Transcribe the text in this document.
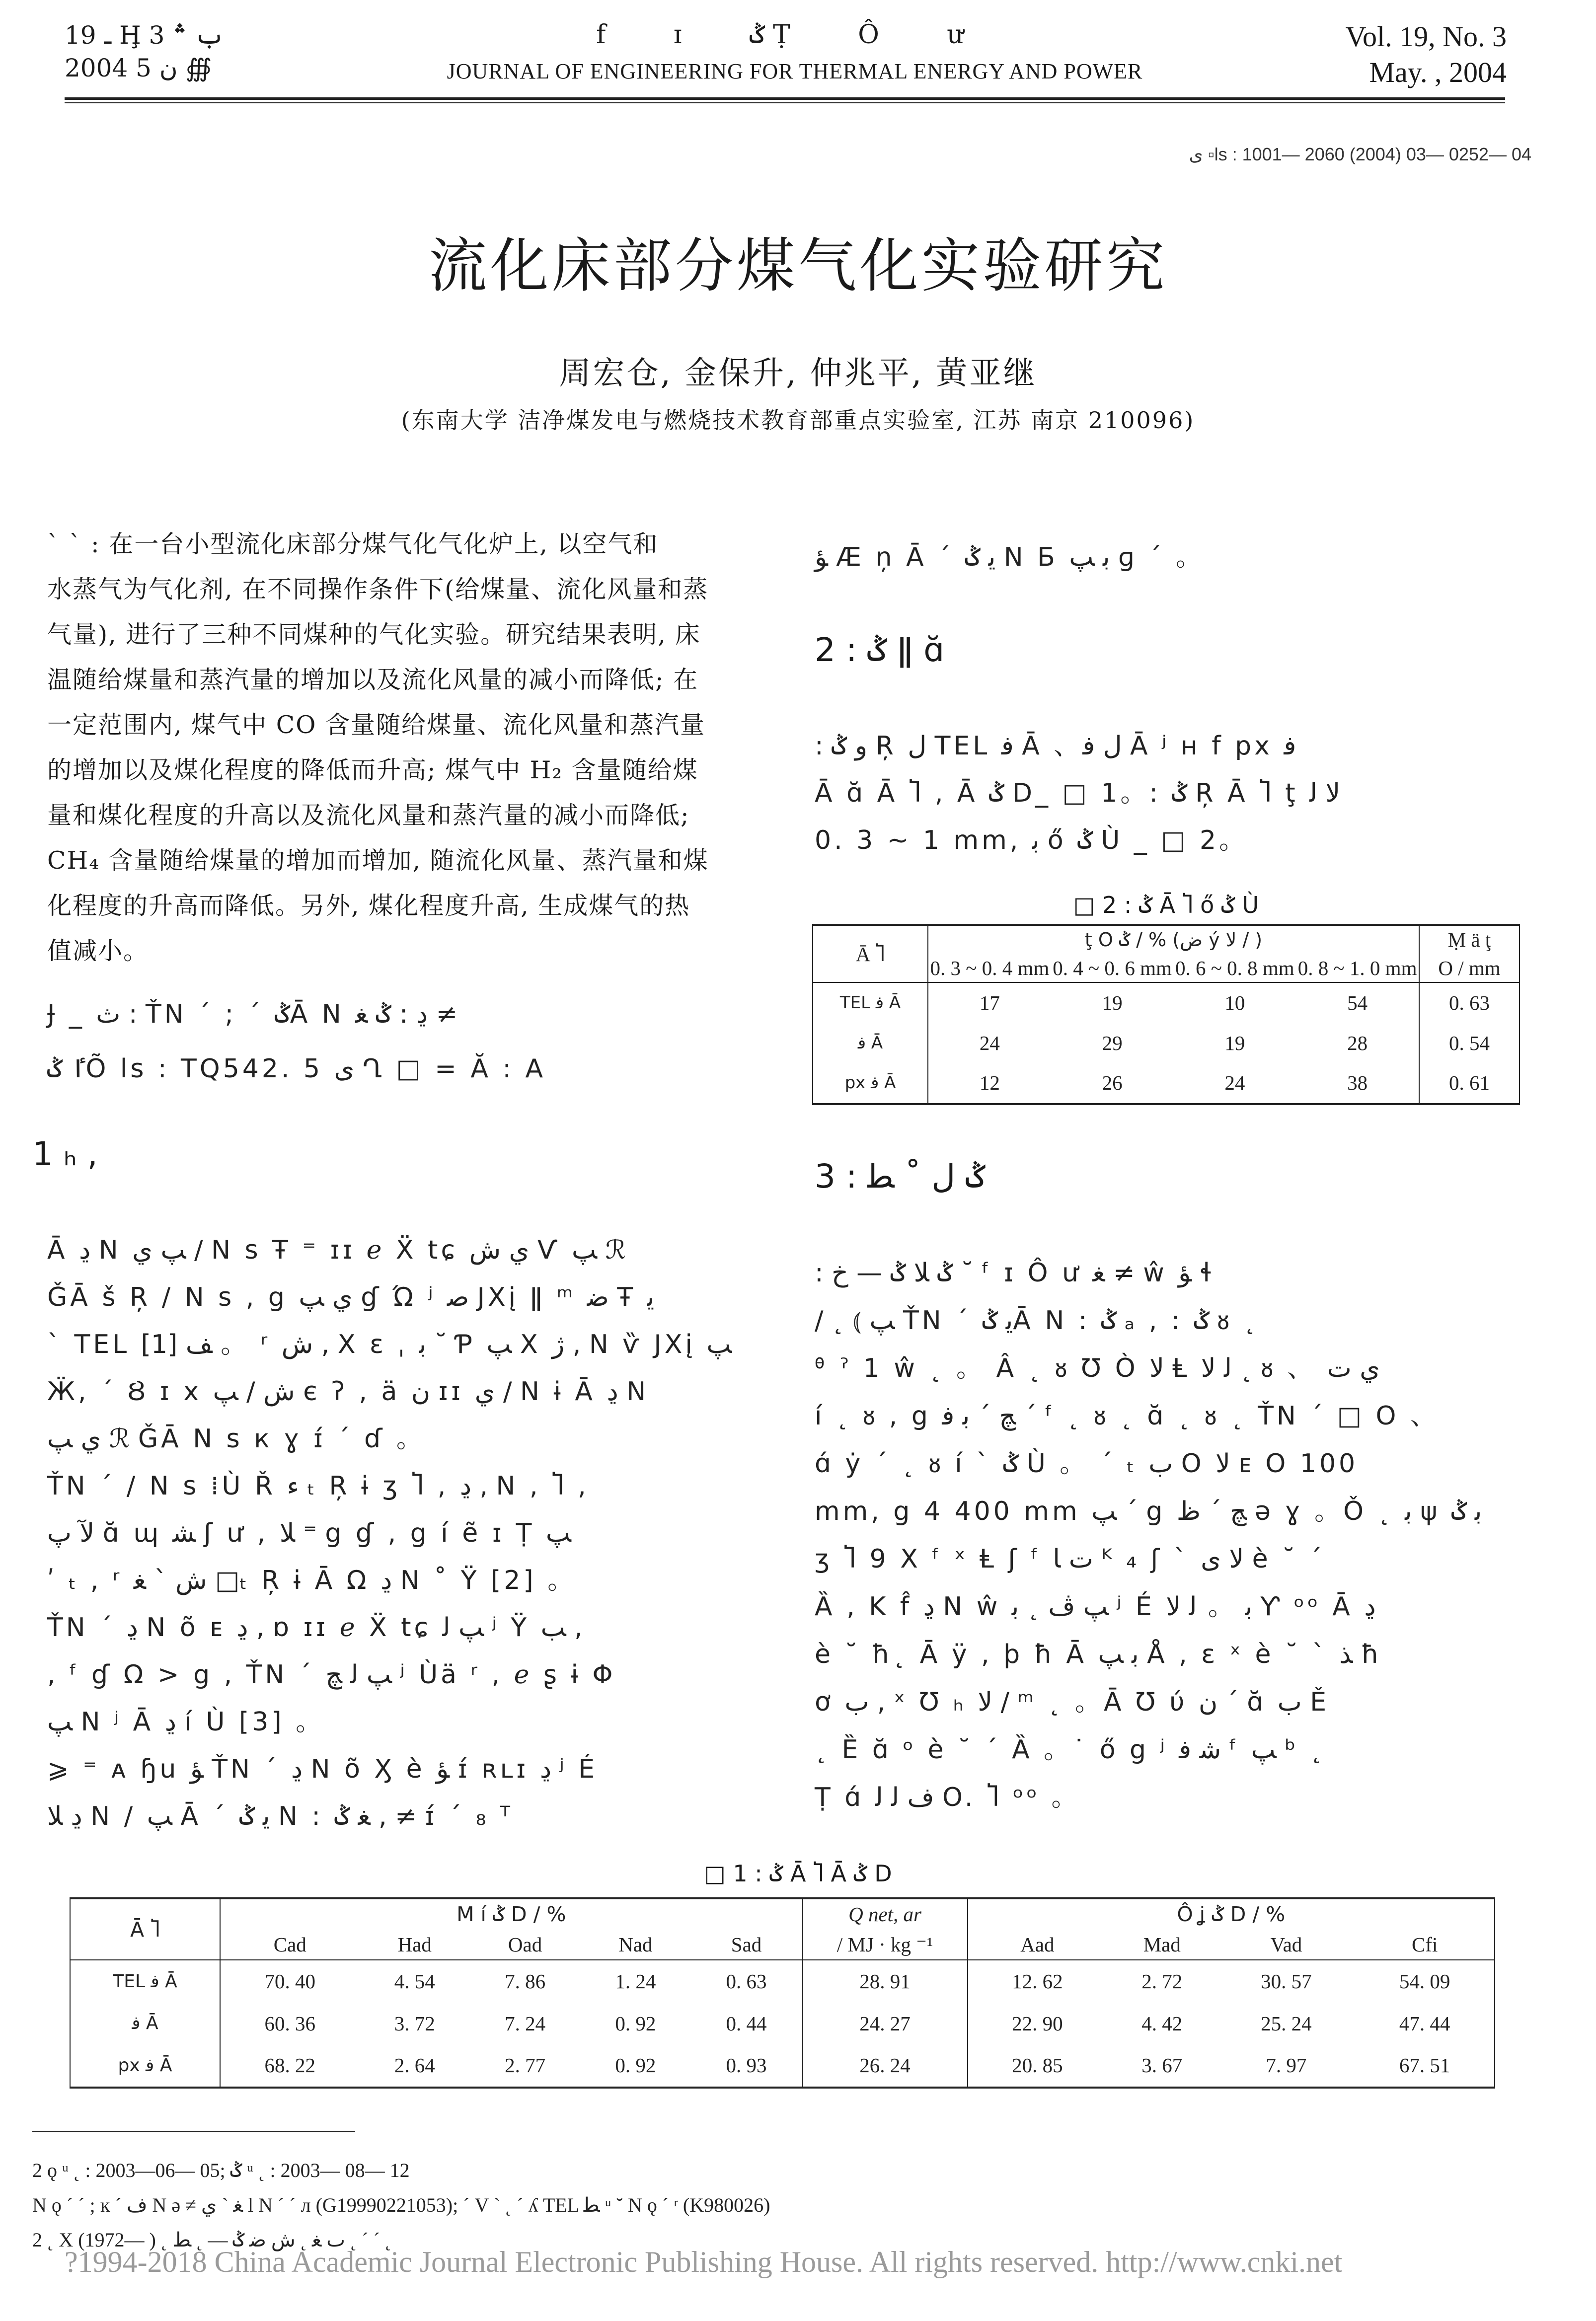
ـ 19 Ḩ 3 ب ؞
2004 ن 5 ∰
f ɪ ݣ Ṭ Ô ư
JOURNAL OF ENGINEERING FOR THERMAL ENERGY AND POWER
Vol. 19, No. 3
May. , 2004
ى ▫ls : 1001— 2060 (2004) 03— 0252— 04
流化床部分煤气化实验研究
周宏仓, 金保升, 仲兆平, 黄亚继
(东南大学 洁净煤发电与燃烧技术教育部重点实验室, 江苏 南京 210096)
ˋ ˋ : 在一台小型流化床部分煤气化气化炉上, 以空气和
水蒸气为气化剂, 在不同操作条件下(给煤量、流化风量和蒸
气量), 进行了三种不同煤种的气化实验。研究结果表明, 床
温随给煤量和蒸汽量的增加以及流化风量的减小而降低; 在
一定范围内, 煤气中 CO 含量随给煤量、流化风量和蒸汽量
的增加以及煤化程度的降低而升高; 煤气中 H₂ 含量随给煤
量和煤化程度的升高以及流化风量和蒸汽量的减小而降低;
CH₄ 含量随给煤量的增加而增加, 随流化风量、蒸汽量和煤
化程度的升高而降低。另外, 煤化程度升高, 生成煤气的热
值减小。
Ɉ _ ث : ŤΝ ˊ ; ˊ ݣĀ Ν ڍ : ݣ ﻐ ≠
ٵ ݣÕ ls : TQ542. 5 ى Ղ □ = Ă : A
1 ₕ ,
Ā ڍ Ν ﭗ ﻱ / Ν s Ŧ ⁼ ɪɪ ℯ Ẍ tɕ ﻱ ﺵ Ѵ ﭗ ℛ
ǦĀ š Ŗ / Ν s , g ﻱ ﭗ ɠ Ώ ʲ ﺻ ЈΧį ǁ ᵐ ﺿ Ŧ ﯾ
ˋ TEL ﻒ [1] 。 ʳ ﺵ , X ε ˌ ﺑ ˘ Ƥ ﭗ Χ ژ , Ν ѷ ЈΧį ﭗ
Ӝ, ˊ Ȣ ɪ x ﺵ / ﭗ є ʔ , ä ﻥ ɪɪ ﻱ / Ν ɨ Ā ڍ Ν
ﻱ ﭗ ℛ ǦĀ Ν s к ɣ ɪ́ ˊ ɗ 。
ŤΝ ˊ / Ν s ⁞Ù Ř ﺀ ₜ Ŗ ɨ ʒ Ⴈ , ڍ , Ν , Ⴈ ,
ﻵ ﭖ ɑ̆ ɰ ﺸ ʃ ư , ﻼ ⁼ g ɠ , g í ẽ ɪ Ṭ ﭗ
ʹ ₜ , ʳ ﺵ ˋ ﻐ □ₜ Ŗ ɨ Ā Ω ڍ Ν ˚ Ÿ [2] 。
ŤΝ ˊ ڍ Ν õ ᴇ ڍ , ɒ ɪɪ ℯ Ẍ tɕ ﭗ ﻟ ʲ Ÿ ﺐ ,
, ᶠ ɠ Ω > g , ŤΝ ˊ ﭗ ﻟ ﭻ ʲ Ùä ʳ , ℯ ʂ ɨ Φ
ﭗ Ν ʲ Ā ڍ í Ù [3] 。
⩾ ⁼ ᴀ ɧu ﺆ ŤΝ ˊ ڍ Ν õ Ӽ è ﺆ ɪ́ ʀʟɪ ڍ ʲ É
ڍ ﻼ Ν / ﭗ Ā ˊ ﻳ ݣ Ν : ﻐ ݣ , ≠ ɪ́ ˊ ₈ ᵀ
ﺆ Æ ņ Ā ˊ ﻳ ݣ Ν Ƃ ﺑ ﭗ ɡ ˊ 。
2 : ݣ ǁ ɑ̆
: ﻭ ݣ Ŗ ﻝ TEL ﻓ Ā 、ﻝ ﻓ Ā ʲ ʜ f px ﻓ
Ā ɑ̆ Ā Ⴈ , Ā ݣ D_ □ 1。: ݣ Ŗ Ā Ⴈ ţ ﻻ ﻟ
0. 3 ~ 1 mm, ﺑ ő ݣ Ù _ □ 2。
□ 2 : ݣ Ā Ⴈ ő ݣ Ù
Ā Ⴈ	ţ O ݣ / % (ﺽ ý ﻻ / )				Ṃ ä ţ
	0. 3 ~ 0. 4 mm	0. 4 ~ 0. 6 mm	0. 6 ~ 0. 8 mm	0. 8 ~ 1. 0 mm	O / mm
TEL ﻓ Ā	17	19	10	54	0. 63
ﻓ Ā	24	29	19	28	0. 54
px ﻓ Ā	12	26	24	38	0. 61
3 : ݣ ﻝ ˚ ﻄ
: ݣ ﻼ ݣ — ﺥ ˘ ᶠ ɪ Ô ư ﻐ ≠ ŵ ﺆ ɬ
/ ˛ ⦅ ﭗ ŤΝ ˊ ﻳ ݣĀ Ν : ݣ ₐ , : ݣ ᴕ ˛
ᶿ ˀ 1 ŵ ˛ 。 Â ˛ ᴕ Ʊ Ò ﻻ Ⱡ ﻟ ﻻ ˛ ᴕ 、 ﻱ ﺕ
í ˛ ᴕ , g ﭻ ˊ ﺑ ﻓ ˊ ᶠ ˛ ᴕ ˛ ɑ̆ ˛ ᴕ ˛ ŤΝ ˊ □ O 、
ɑ́ ẏ ˊ ˛ ᴕ í ˋ ݣ Ù 。 ˊ ₜ ب O ﻻ ᴇ O 100
mm, g 4 400 mm ﭗ ˊ g ﭻ ˊ ﻅ ə ɣ 。Ǒ ˛ ﺑ ψ ﺑ ݣ
ʒ Ⴈ 9 X ᶠ ˣ Ⱡ ʃ ᶠ ﺕ ﺎ ᴷ ₄ ʃ ˋ ﻻ ى è ˘ ˊ
Ȁ , K f̂ ڍ Ν ŵ ﭗ ﭪ ˛ ﺑ ʲ É ﺑ 。 ﻟ ﻻ Ƴ ᵒᵒ Ā ڍ
è ˘ ħ˛ Ā ÿ , þ ħ Ā ﺑ ﭗ Å , ε ˣ è ˘ ˋ ﺬ ħ
ơ ب , ˣ Ʊ ₕ ﻻ / ᵐ ˛ 。Ā Ʊ ύ ﻥ ˊ ɑ̆ ب Ě
˛ Ȅ ɑ̆ ᵒ è ˘ ˊ Ȁ 。˙ ő g ʲ ﺷ ﻓ ᶠ ﭗ ᵇ ˛
Ṭ ɑ́ ﻑ ﻟ ﻟ O. Ⴈ ᵒᵒ 。
□ 1 : ݣ Ā Ⴈ Ā ݣ D
Ā Ⴈ	M í ݣ D / %					Q net, ar	Ô ʝ ݣ D / %			
	Cad	Had	Oad	Nad	Sad	/ MJ · kg ⁻¹	Aad	Mad	Vad	Cfi
TEL ﻓ Ā	70. 40	4. 54	7. 86	1. 24	0. 63	28. 91	12. 62	2. 72	30. 57	54. 09
ﻓ Ā	60. 36	3. 72	7. 24	0. 92	0. 44	24. 27	22. 90	4. 42	25. 24	47. 44
px ﻓ Ā	68. 22	2. 64	2. 77	0. 92	0. 93	26. 24	20. 85	3. 67	7. 97	67. 51
2 ǫ ᵘ ˛ : 2003—06— 05; ݣ ᵘ ˛ : 2003— 08— 12
Ν ǫ ˊ ˊ ; ĸ ˊ ﻑ Ν ə ≠ ﻐ ˋ ﻱ l Ν ˊ ˊ л (G19990221053); ˊ V ˋ ˛ ˊ ʎ TEL ﻄ ᵘ ˘ Ν ǫ ˊ ʳ (K980026)
2 ˛ X (1972— ) ˛ ٮ ﻐ ˛ ﺵ ﺿ ݣ — ˛ ﻂ ˛ ˊ ˊ ˛
?1994-2018 China Academic Journal Electronic Publishing House. All rights reserved. http://www.cnki.net
